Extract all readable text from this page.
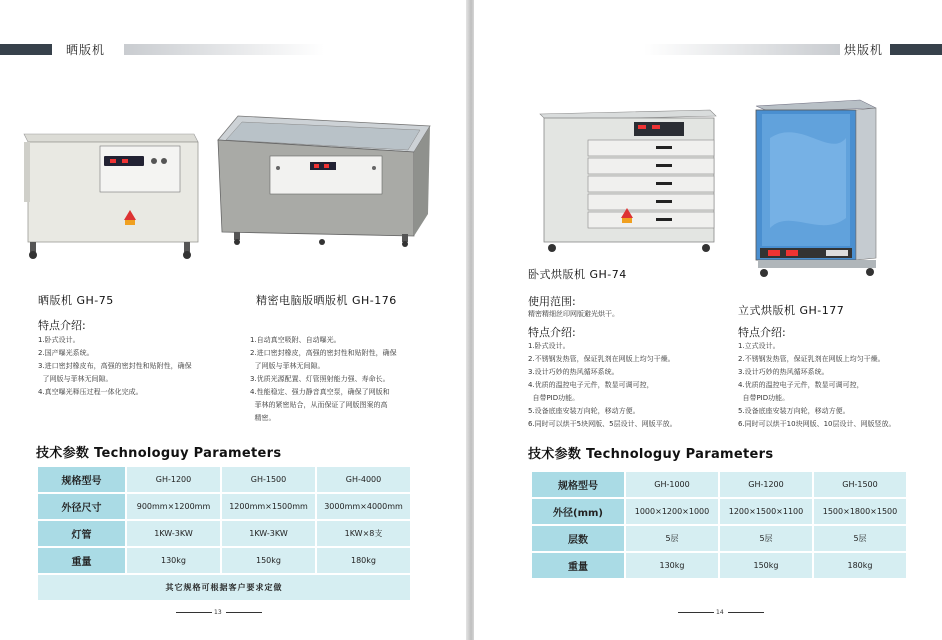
晒版机
晒版机 GH-75	精密电脑版晒版机 GH-176
特点介绍:
1.卧式设计。
2.国产曝光系统。
3.进口密封橡皮布，高强的密封性和贴附性，确保
了网版与菲林无间隙。
4.真空曝光释压过程一体化完成。
1.自动真空吸附、自动曝光。
2.进口密封橡皮，高强的密封性和贴附性，确保
了网版与菲林无间隙。
3.优质光源配置、灯管照射能力强、寿命长。
4.性能稳定、强力静音真空泵，确保了网版和
菲林的紧密贴合，从而保证了网版图案的高
精密。
技术参数 Technologuy Parameters
规格型号	GH-1200	GH-1500	GH-4000
外径尺寸	900mm×1200mm	1200mm×1500mm	3000mm×4000mm
灯管	1KW-3KW	1KW-3KW	1KW×8支
重量	130kg	150kg	180kg
其它规格可根据客户要求定做			
13
烘版机
卧式烘版机 GH-74
立式烘版机 GH-177
使用范围:
精密精细丝印网版避光烘干。
特点介绍:	特点介绍:
1.卧式设计。
2.不锈钢发热管，保证乳剂在网版上均匀干燥。
3.设计巧妙的热风循环系统。
4.优质的温控电子元件，数显可调可控，
自带PID功能。
5.设备底座安装万向轮，移动方便。
6.同时可以烘干5块网版、5层设计、网版平放。
1.立式设计。
2.不锈钢发热管，保证乳剂在网版上均匀干燥。
3.设计巧妙的热风循环系统。
4.优质的温控电子元件，数显可调可控，
自带PID功能。
5.设备底座安装万向轮，移动方便。
6.同时可以烘干10块网版、10层设计、网版竖放。
技术参数 Technologuy Parameters
规格型号	GH-1000	GH-1200	GH-1500
外径(mm)	1000×1200×1000	1200×1500×1100	1500×1800×1500
层数	5层	5层	5层
重量	130kg	150kg	180kg
14
